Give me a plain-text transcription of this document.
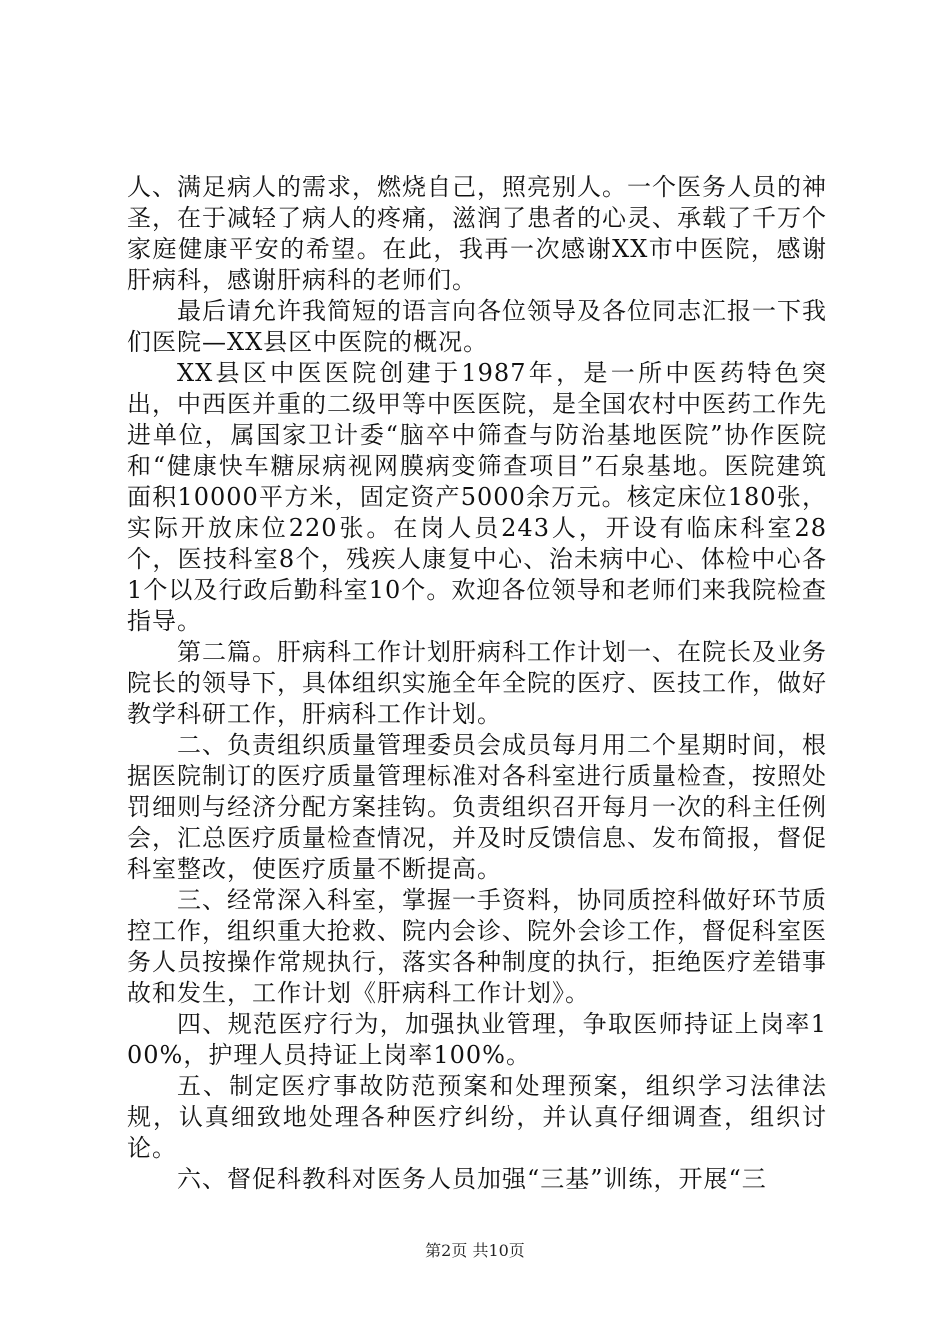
人、满足病人的需求，燃烧自己，照亮别人。一个医务人员的神圣，在于减轻了病人的疼痛，滋润了患者的心灵、承载了千万个家庭健康平安的希望。在此，我再一次感谢XX市中医院，感谢肝病科，感谢肝病科的老师们。

最后请允许我简短的语言向各位领导及各位同志汇报一下我们医院—XX县区中医院的概况。

XX县区中医医院创建于1987年，是一所中医药特色突出，中西医并重的二级甲等中医医院，是全国农村中医药工作先进单位，属国家卫计委“脑卒中筛查与防治基地医院”协作医院和“健康快车糖尿病视网膜病变筛查项目”石泉基地。医院建筑面积10000平方米，固定资产5000余万元。核定床位180张，实际开放床位220张。在岗人员243人，开设有临床科室28个，医技科室8个，残疾人康复中心、治未病中心、体检中心各1个以及行政后勤科室10个。欢迎各位领导和老师们来我院检查指导。

第二篇。肝病科工作计划肝病科工作计划一、在院长及业务院长的领导下，具体组织实施全年全院的医疗、医技工作，做好教学科研工作，肝病科工作计划。

二、负责组织质量管理委员会成员每月用二个星期时间，根据医院制订的医疗质量管理标准对各科室进行质量检查，按照处罚细则与经济分配方案挂钩。负责组织召开每月一次的科主任例会，汇总医疗质量检查情况，并及时反馈信息、发布简报，督促科室整改，使医疗质量不断提高。

三、经常深入科室，掌握一手资料，协同质控科做好环节质控工作，组织重大抢救、院内会诊、院外会诊工作，督促科室医务人员按操作常规执行，落实各种制度的执行，拒绝医疗差错事故和发生，工作计划《肝病科工作计划》。

四、规范医疗行为，加强执业管理，争取医师持证上岗率100%，护理人员持证上岗率100%。

五、制定医疗事故防范预案和处理预案，组织学习法律法规，认真细致地处理各种医疗纠纷，并认真仔细调查，组织讨论。

六、督促科教科对医务人员加强“三基”训练，开展“三

第2页 共10页
